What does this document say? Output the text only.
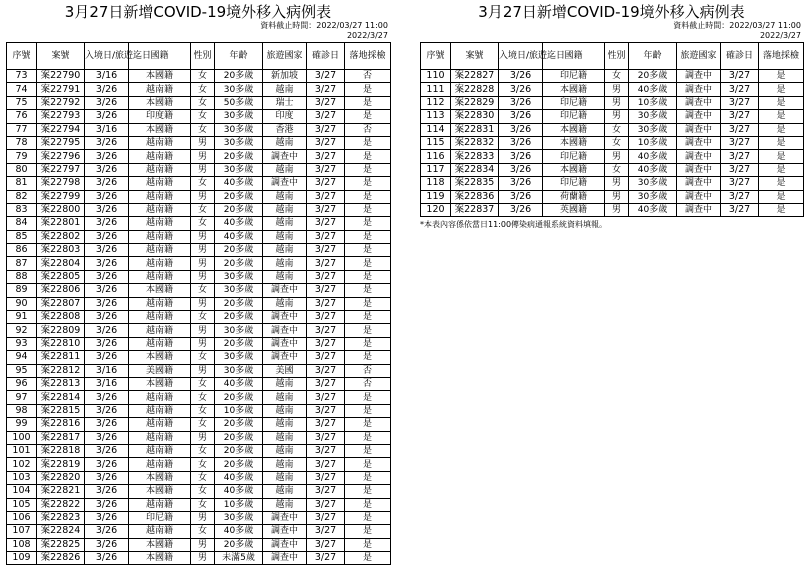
3月27日新增COVID-19境外移入病例表
資料截止時間：2022/03/27 11:00
2022/3/27
序號	案號	入境日/旅遊迄日	國籍	性別	年齡	旅遊國家	確診日	落地採檢
73	案22790	3/16	本國籍	女	20多歲	新加坡	3/27	否
74	案22791	3/26	越南籍	女	30多歲	越南	3/27	是
75	案22792	3/26	本國籍	女	50多歲	瑞士	3/27	是
76	案22793	3/26	印度籍	女	30多歲	印度	3/27	是
77	案22794	3/16	本國籍	女	30多歲	香港	3/27	否
78	案22795	3/26	越南籍	男	30多歲	越南	3/27	是
79	案22796	3/26	越南籍	男	20多歲	調查中	3/27	是
80	案22797	3/26	越南籍	男	30多歲	越南	3/27	是
81	案22798	3/26	越南籍	女	40多歲	調查中	3/27	是
82	案22799	3/26	越南籍	男	20多歲	越南	3/27	是
83	案22800	3/26	越南籍	女	20多歲	越南	3/27	是
84	案22801	3/26	越南籍	女	40多歲	越南	3/27	是
85	案22802	3/26	越南籍	男	40多歲	越南	3/27	是
86	案22803	3/26	越南籍	男	20多歲	越南	3/27	是
87	案22804	3/26	越南籍	男	20多歲	越南	3/27	是
88	案22805	3/26	越南籍	男	30多歲	越南	3/27	是
89	案22806	3/26	本國籍	女	30多歲	調查中	3/27	是
90	案22807	3/26	越南籍	男	20多歲	越南	3/27	是
91	案22808	3/26	越南籍	女	20多歲	調查中	3/27	是
92	案22809	3/26	越南籍	男	30多歲	調查中	3/27	是
93	案22810	3/26	越南籍	男	20多歲	調查中	3/27	是
94	案22811	3/26	本國籍	女	30多歲	調查中	3/27	是
95	案22812	3/16	美國籍	男	30多歲	美國	3/27	否
96	案22813	3/16	本國籍	女	40多歲	越南	3/27	否
97	案22814	3/26	越南籍	女	20多歲	越南	3/27	是
98	案22815	3/26	越南籍	女	10多歲	越南	3/27	是
99	案22816	3/26	越南籍	女	20多歲	越南	3/27	是
100	案22817	3/26	越南籍	男	20多歲	越南	3/27	是
101	案22818	3/26	越南籍	女	20多歲	越南	3/27	是
102	案22819	3/26	越南籍	女	20多歲	越南	3/27	是
103	案22820	3/26	本國籍	女	40多歲	越南	3/27	是
104	案22821	3/26	本國籍	女	40多歲	越南	3/27	是
105	案22822	3/26	越南籍	女	10多歲	越南	3/27	是
106	案22823	3/26	印尼籍	男	30多歲	調查中	3/27	是
107	案22824	3/26	越南籍	女	40多歲	調查中	3/27	是
108	案22825	3/26	本國籍	男	20多歲	調查中	3/27	是
109	案22826	3/26	本國籍	男	未滿5歲	調查中	3/27	是
3月27日新增COVID-19境外移入病例表
資料截止時間：2022/03/27 11:00
2022/3/27
序號	案號	入境日/旅遊迄日	國籍	性別	年齡	旅遊國家	確診日	落地採檢
110	案22827	3/26	印尼籍	女	20多歲	調查中	3/27	是
111	案22828	3/26	本國籍	男	40多歲	調查中	3/27	是
112	案22829	3/26	印尼籍	男	10多歲	調查中	3/27	是
113	案22830	3/26	印尼籍	男	30多歲	調查中	3/27	是
114	案22831	3/26	本國籍	女	30多歲	調查中	3/27	是
115	案22832	3/26	本國籍	女	10多歲	調查中	3/27	是
116	案22833	3/26	印尼籍	男	40多歲	調查中	3/27	是
117	案22834	3/26	本國籍	女	40多歲	調查中	3/27	是
118	案22835	3/26	印尼籍	男	30多歲	調查中	3/27	是
119	案22836	3/26	荷蘭籍	男	30多歲	調查中	3/27	是
120	案22837	3/26	英國籍	男	40多歲	調查中	3/27	是
*本表內容係依當日11:00傳染病通報系統資料填報。
